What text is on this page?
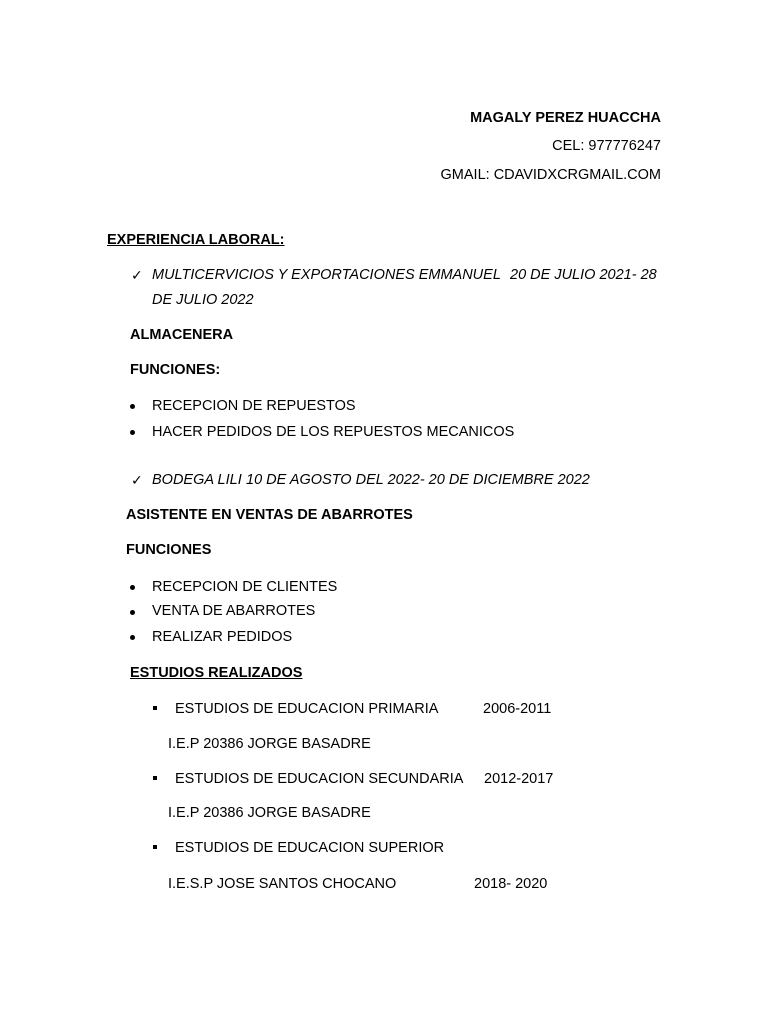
MAGALY PEREZ HUACCHA
CEL: 977776247
GMAIL: CDAVIDXCRGMAIL.COM
EXPERIENCIA LABORAL:
✓ MULTICERVICIOS Y EXPORTACIONES EMMANUEL 20 DE JULIO 2021- 28
DE JULIO 2022
ALMACENERA
FUNCIONES:
RECEPCION DE REPUESTOS
HACER PEDIDOS DE LOS REPUESTOS MECANICOS
✓ BODEGA LILI 10 DE AGOSTO DEL 2022- 20 DE DICIEMBRE 2022
ASISTENTE EN VENTAS DE ABARROTES
FUNCIONES
RECEPCION DE CLIENTES
VENTA DE ABARROTES
REALIZAR PEDIDOS
ESTUDIOS REALIZADOS
ESTUDIOS DE EDUCACION PRIMARIA	2006-2011
I.E.P 20386 JORGE BASADRE
ESTUDIOS DE EDUCACION SECUNDARIA 2012-2017
I.E.P 20386 JORGE BASADRE
ESTUDIOS DE EDUCACION SUPERIOR
I.E.S.P JOSE SANTOS CHOCANO	2018- 2020
